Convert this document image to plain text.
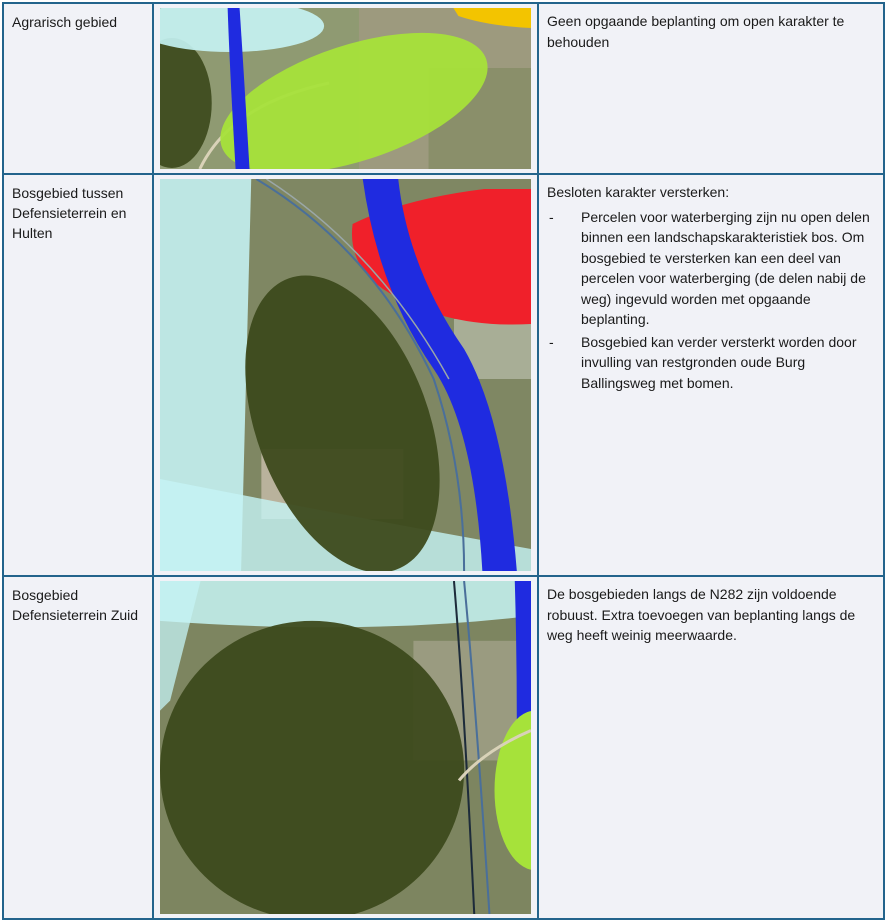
Agrarisch gebied	Geen opgaande beplanting om open karakter te behouden
Bosgebied tussen Defensieterrein en Hulten
Besloten karakter versterken:
- Percelen voor waterberging zijn nu open delen binnen een landschapskarakteristiek bos. Om bosgebied te versterken kan een deel van percelen voor waterberging (de delen nabij de weg) ingevuld worden met opgaande beplanting.
- Bosgebied kan verder versterkt worden door invulling van restgronden oude Burg Ballingsweg met bomen.
Bosgebied Defensieterrein Zuid
De bosgebieden langs de N282 zijn voldoende robuust. Extra toevoegen van beplanting langs de weg heeft weinig meerwaarde.
